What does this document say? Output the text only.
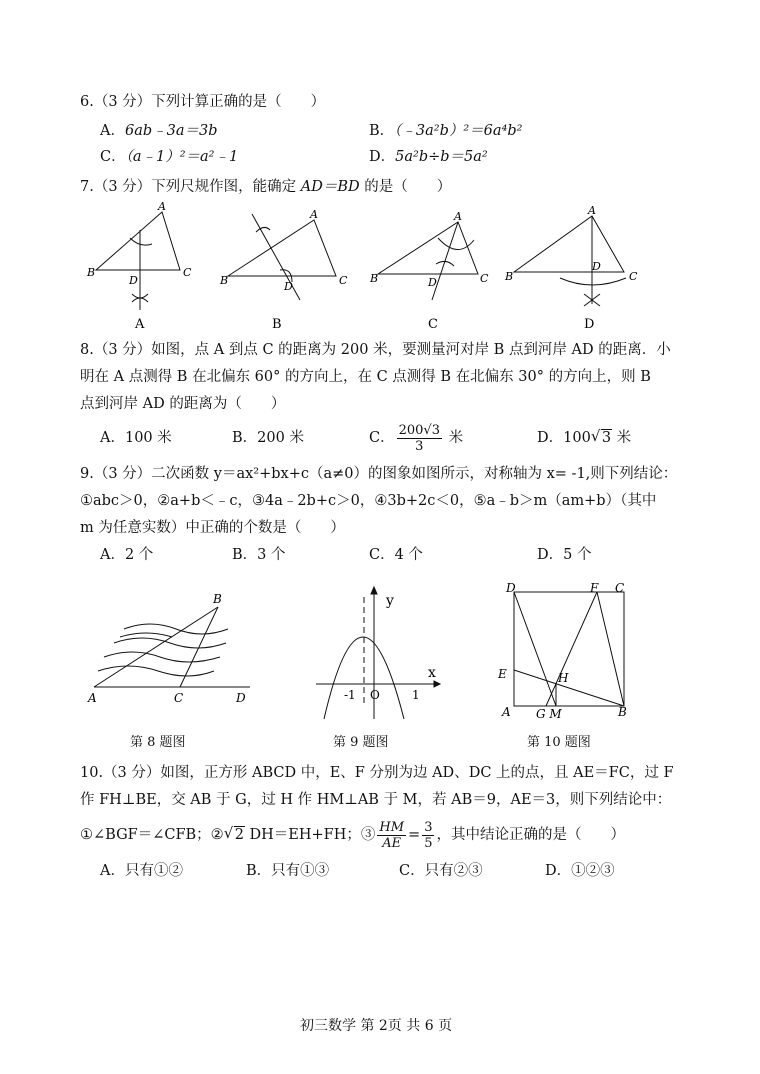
6.（3 分）下列计算正确的是（　　）
A．6ab﹣3a＝3b	B．（﹣3a²b）²＝6a⁴b²
C．（a﹣1）²＝a²﹣1	D．5a²b÷b＝5a²
7.（3 分）下列尺规作图，能确定 AD＝BD 的是（　　）
A
B	C
D
A
A
B	C
D
B
A
B	C
D
C
A
B	C
D
D
8.（3 分）如图，点 A 到点 C 的距离为 200 米，要测量河对岸 B 点到河岸 AD 的距离．小
明在 A 点测得 B 在北偏东 60° 的方向上，在 C 点测得 B 在北偏东 30° 的方向上，则 B
点到河岸 AD 的距离为（　　）
A．100 米	B．200 米	C． $\frac{200√3}{3}$ 米	D．100 √ 3 米
9.（3 分）二次函数 y＝ax²+bx+c（a≠0）的图象如图所示，对称轴为 x= -1,则下列结论：
①abc＞0，②a+b＜﹣c，③4a﹣2b+c＞0，④3b+2c＜0，⑤a﹣b＞m（am+b）（其中
m 为任意实数）中正确的个数是（　　）
A．2 个	B．3 个	C．4 个	D．5 个
B
A	C	D
第 8 题图
y
x
-1 O	1
第 9 题图
D	F C
E	H
A G M	B
第 10 题图
10.（3 分）如图，正方形 ABCD 中，E、F 分别为边 AD、DC 上的点，且 AE＝FC，过 F
作 FH⊥BE，交 AB 于 G，过 H 作 HM⊥AB 于 M，若 AB＝9，AE＝3，则下列结论中：
①∠BGF＝∠CFB；② √ 2 DH＝EH+FH；③ $\frac{HM}{AE} = \frac{3}{5}$ ，其中结论正确的是（　　）
A．只有①②	B．只有①③	C．只有②③	D．①②③
初三数学 第 2页 共 6 页
